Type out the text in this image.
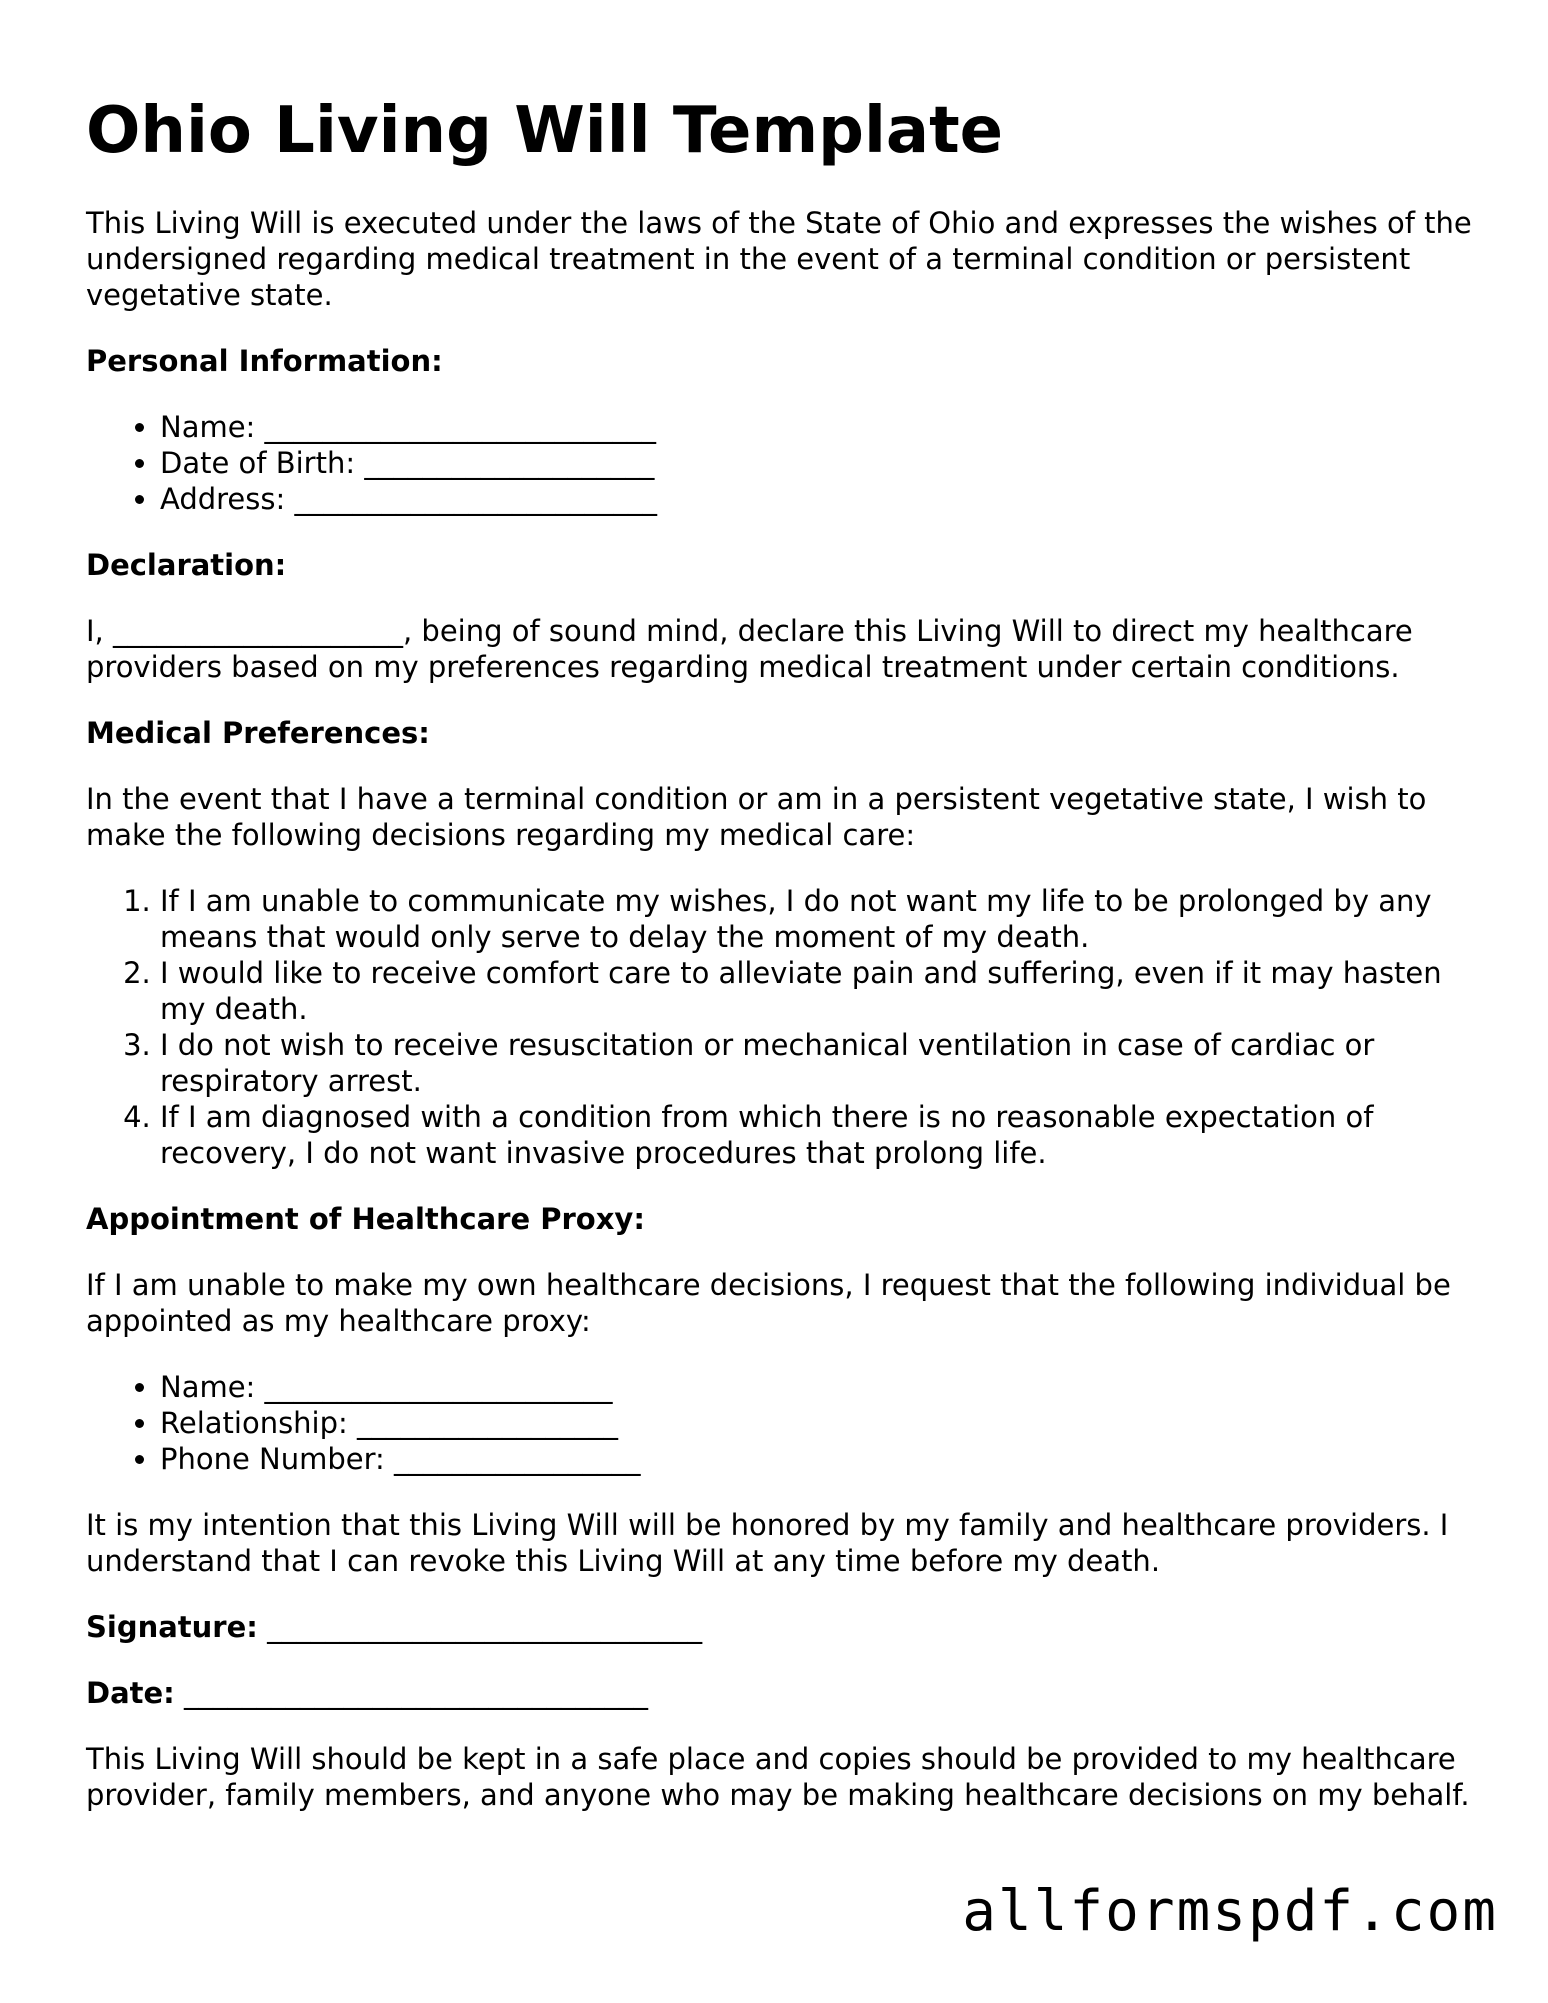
Ohio Living Will Template

This Living Will is executed under the laws of the State of Ohio and expresses the wishes of the undersigned regarding medical treatment in the event of a terminal condition or persistent vegetative state.

Personal Information:
• Name: ___________________________
• Date of Birth: ____________________
• Address: _________________________
Declaration:

I, ____________________, being of sound mind, declare this Living Will to direct my healthcare providers based on my preferences regarding medical treatment under certain conditions.

Medical Preferences:

In the event that I have a terminal condition or am in a persistent vegetative state, I wish to make the following decisions regarding my medical care:

1. If I am unable to communicate my wishes, I do not want my life to be prolonged by any means that would only serve to delay the moment of my death.
2. I would like to receive comfort care to alleviate pain and suffering, even if it may hasten my death.
3. I do not wish to receive resuscitation or mechanical ventilation in case of cardiac or respiratory arrest.
4. If I am diagnosed with a condition from which there is no reasonable expectation of recovery, I do not want invasive procedures that prolong life.
Appointment of Healthcare Proxy:

If I am unable to make my own healthcare decisions, I request that the following individual be appointed as my healthcare proxy:

• Name: ________________________
• Relationship: __________________
• Phone Number: _________________

It is my intention that this Living Will will be honored by my family and healthcare providers. I understand that I can revoke this Living Will at any time before my death.

Signature: ______________________________
Date: ________________________________

This Living Will should be kept in a safe place and copies should be provided to my healthcare provider, family members, and anyone who may be making healthcare decisions on my behalf.

allformspdf.com
